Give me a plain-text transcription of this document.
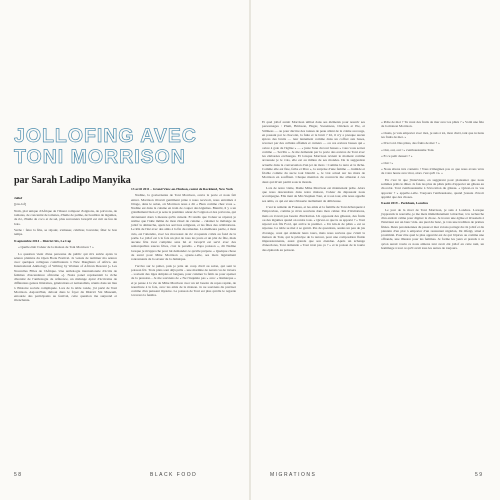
JOLLOFING AVEC
TONI MORRISON
par Sarah Ladipo Manyika

Jollof

[jaw-lof]

Nom, plat unique d'Afrique de l'Ouest composé d'oignons, de poivrons, de tomates, de concentré de tomates, d'huile de palme, de bouillon de légumes, de riz, d'huile de coco et de sel, plus savoureux lorsqu'il est cuit au feu de bois.

Verbe : faire la fête, se réjouir, s'amuser, célébrer, bavarder, fêter le bon temps.

8 septembre 2014 – District Six, Le Cap

« Quelle était l'odeur de la maison de Toni Morrison ? »

La question vient d'une personne du public qui m'a suivie après la séance plénière du Open Book Festival. Je venais de terminer ma séance avec quelques collègues contributeurs à New Daughters of Africa. An International Anthology of Writing by Women of African Descent [« Les Nouvelles Filles de l'Afrique. Une anthologie internationale d'écrits de femmes d'ascendance africaine »]. Notre panel représentait la riche diversité de l'anthologie de référence, un mélange épicé d'écrivains de différentes genres littéraires, générations et nationalités, réunis dans un lieu à l'histoire sociale compliquée. Lors de la table ronde, j'ai parlé de Toni Morrison. Aujourd'hui, debout dans le foyer du District Six Museum, entourée des participants au festival, cette question me surprend et m'enchante.

13 avril 2011 – Grand View-on-Hudson, comté de Rockland, New York

Nadine, la gouvernante de Toni Morrison, ouvre la porte et nous fait entrer. Morrison m'avait gentiment priée à nous recevoir, nous entraînés à l'étage, dans le salon, où Morrison nous a dit « Bien comme chez vous ». Nadine est dans la cuisine en train de couper des légumes. Bientôt, il y a un grésillement bien et je sens la première odeur de l'oignon et des poivrons, qui deviennent doux à mesure qu'ils cuisent. Et tandis que l'odeur se répand, je réalise que l'idée même de mon rituel de cuisine – cuisiner le mélange de jollof la démarche, après les services religieux, et les fêtes des célébrations. Le Riz de l'été avec des amis à la fin du ramadan. La meilleure partie, à mon avis, est l'attendre, avec les morceaux de riz croquants collés au fond de la poêle. Le jollof est à la fois un plat de tous les jours et un plat de fête, mais aucune fête n'est complète sans lui et lorsqu'il est servi avec des remarquables sauces frites, c'est le paradis. « Papa poisson », dit Nadine lorsque je m'approche pour lui demander ce qu'elle prépare. « Quelque chose de sucré pour Mme Morrison », ajoute-t-elle, ses mots légèrement ronronnants de la saveur de la Jamaïque.

J'arrive sur le palier, puis je jette un coup d'œil au salon, qui sent le poisson frit. Trois plats sont déjà prêts – une marmite de navets vu de travers – souvent des tiges simples et longues, pour cuisiner la faim ou pour apaiser de la pression... Je me souviens de « Ne t'inquiète pas » avec « Remarque » et je pense à la vie de Mme Morrison avec un tel besoin de repas rapide, de nourriture à la fois, avec les amis de la maison. Je ne souviens du préciser comme d'un puissant mystère. Le poisson de Toni est plus qu'elle le regarde à travers la fenêtre.

Et quel jollof aurait Morrison utilisé dans ses éléments pour nourrir ses personnages : Plum, Hérisson, Hagar, Sweetness, Chicken et Pie, et Stillness — ou pour décrire des tonnes de peau allant de la crème au rouge, en passant par le chocolat, la fuite et le bruit ? Ici, il n'y a presque aucun épices des bruits — leur lentement comme dans un coffret aux bases, reverser par des cellules affamés et curieux — ou ces œuvres basses qui « ouvre à gole de l'église » — « juste l'une du tout basses » vous vous serrez comme — Sevilla ». Je me demande par la porte des œuvres de Toni avec les élaborées exchanges. Et lorsque Morrison revient le moment comme arroussée je le vois, elle est au milieu de ses mondes. De la suggestion actuelle dans la conversation d'un jet de mots : Comme la terre et la tâche. Comme elle est fine, faibe et libre », la surprise d'une femme — humide et friable comme du sucre tout blanchi », le vrai actuel sur les murs de Morrison en souffrant. Chaque mention du couvercle me allusion à ces deux qui m'ont parmi sous le monde.

Lors de notre visite, Dame Mme Morrison est maintenant prête. Alors que nous descendons dans notre maison, l'odeur du dépassant nous accompagne. Elle tient de Mrs Stephen Tout, et à son tour, elle nous appelle ses amis, ce qui est une rôtisserie réellement de délicieuse.

C'est le remède de Fokasu, et les amis et la famille de Toni débarquent à l'improviste, comme je m'en souviens dans mon cahier. Pas d'invitations, mais on n'avait pas besoin d'invitation. Un opposant des gâteaux, des fruits ou des légumes quand on rentre tous. « Qu'est-ce que tu as apporté ? » Toni répond son fils Ford, qui arrive le premier. « Un kin-la de pâtés » est sa réponse. La table se met à se garnir. Pas de questions, seules un peu de jus d'orange, ceux qui aidaient leurs tours, mais nous savions que c'était la maison de Toni, qui le principe de la terreur, pour une composition fluide impressionnante, aussi grande que son étendue. Après un échange d'anecdotes, Toni demande « Tout n'est pas ça ? » et le poison de la tourte des épinards au poisson.

« Prête de moi ? Tu veux des fruits de mer avec tes pâtés ? » Voilà une fête de la maison Morrison.

« Ouais, je vais emporter avec moi, je suis à toi, mon chéri, tant que tu tiens tes fruits de mer. »

« D'accord. Des pâtes, des fruits de mer ? »

« Oui, oui, oui ! » s'enthousiasme Toni.

« Et ce petit dessert ? »

« Oui ! »

« Nous étions très contents ! Vous n'imaginez pas ce que nous avons vécu de votre heure avec moi, alors c'est qu'il va. »

En c'est là que j'interviens, en suggérant pour plaisanter que nous sommes prêts le dîner. Je fais les plus de pâtés prêts d'apporter un gâteau au chocolat. Toni s'enthousiasme à l'évocation du gâteau. « Qu'est-ce tu vas apporter ? » appelle-t-elle. Toujours l'enthousiaste, quand j'essaie d'avoir apprêté que des choses.

8 août 2019 – Peckham, Londres

Le jour de la mort de Toni Morrison, je suis à Londres. Lorsque j'apprends la nouvelle, je me mets immédiatement à marcher, à la recherche d'un endroit calme pour digérer la chose. Je trouve une église et m'assieds à l'intérieur sur un banc vide. Au pied du banc, je vois une tradition de prières fêtées. Deux paroissiennes du passé et moi avions partagé du riz jollof et du plantain d'un plat à emporter d'un restaurant nigérian, Ilé Ofeigi, situé à proximité. Pour être quel le plus apprécié est de qui l'épices ou comme une offrande, une illusion pour les femmes. Je forme les yeux et prends à ce qu'on aurait voulu ce nous aimons tant avoir été jollof en cette nuit, un hommage à tout ce qu'il avait tous les autres de toujours.

58	BLACK FOOD	MIGRATIONS	59
